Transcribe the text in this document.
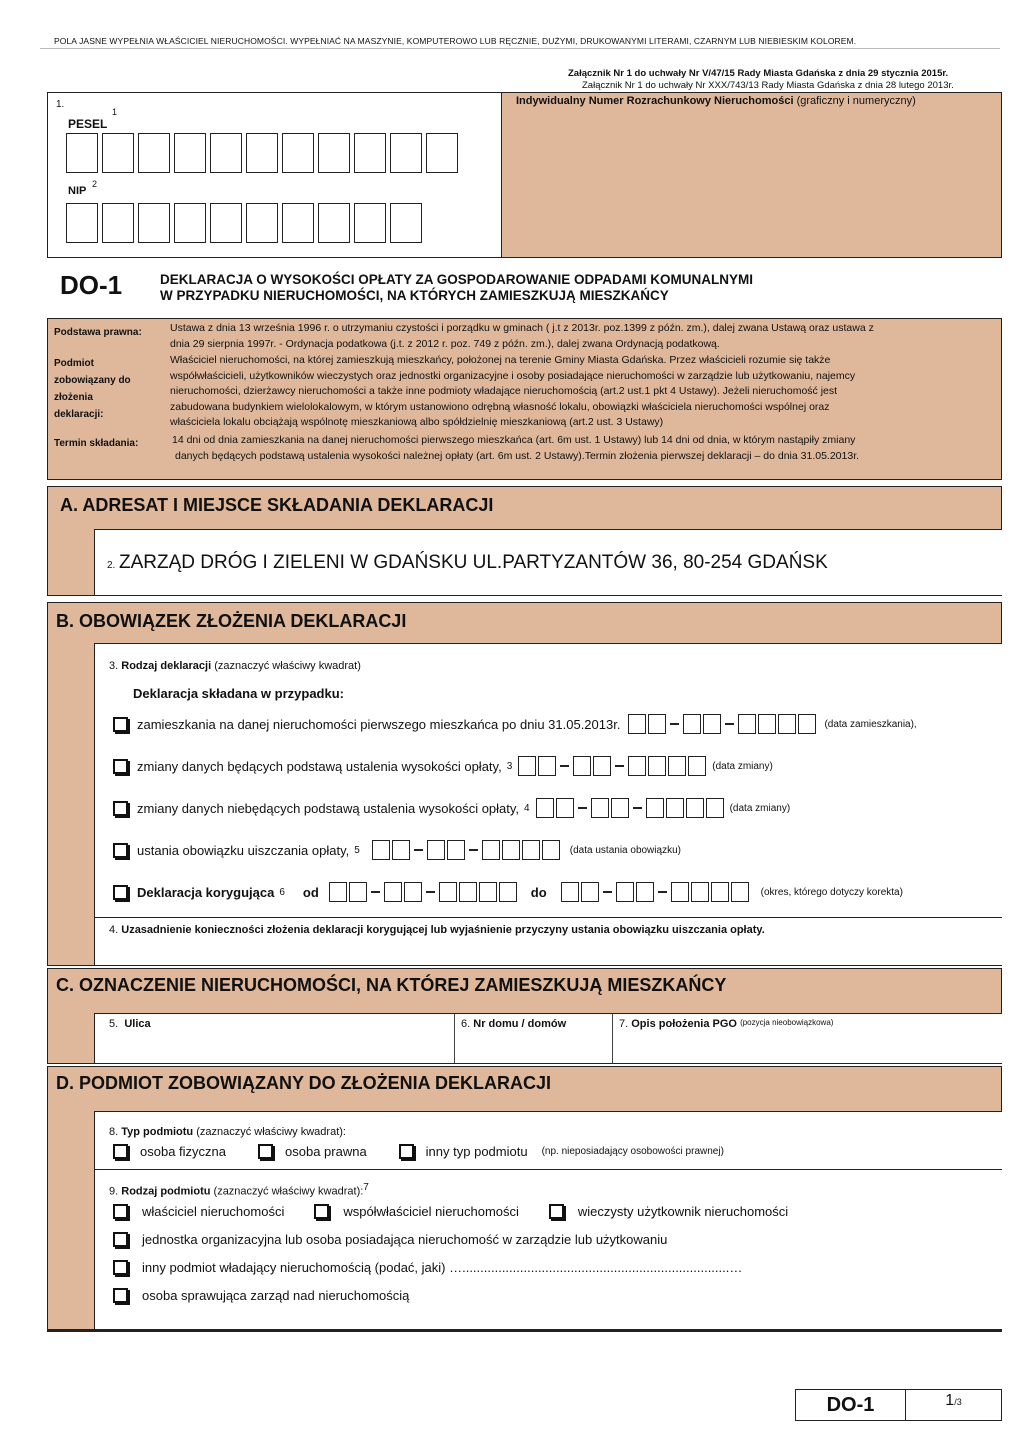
POLA JASNE WYPEŁNIA WŁAŚCICIEL NIERUCHOMOŚCI. WYPEŁNIAĆ NA MASZYNIE, KOMPUTEROWO LUB RĘCZNIE, DUŻYMI, DRUKOWANYMI LITERAMI, CZARNYM LUB NIEBIESKIM KOLOREM.
Załącznik Nr 1 do uchwały Nr V/47/15 Rady Miasta Gdańska z dnia 29 stycznia 2015r.
Załącznik Nr 1 do uchwały Nr XXX/743/13 Rady Miasta Gdańska z dnia 28 lutego 2013r.
1.
PESEL
1
NIP
2
Indywidualny Numer Rozrachunkowy Nieruchomości (graficzny i numeryczny)
DO-1	DEKLARACJA O WYSOKOŚCI OPŁATY ZA GOSPODAROWANIE ODPADAMI KOMUNALNYMI
W PRZYPADKU NIERUCHOMOŚCI, NA KTÓRYCH ZAMIESZKUJĄ MIESZKAŃCY
Podstawa prawna:	Ustawa z dnia 13 września 1996 r. o utrzymaniu czystości i porządku w gminach ( j.t z 2013r. poz.1399 z późn. zm.), dalej zwana Ustawą oraz ustawa z
dnia 29 sierpnia 1997r. - Ordynacja podatkowa (j.t. z 2012 r. poz. 749 z późn. zm.), dalej zwana Ordynacją podatkową.
Podmiot
zobowiązany do
złożenia
deklaracji:
Właściciel nieruchomości, na której zamieszkują mieszkańcy, położonej na terenie Gminy Miasta Gdańska. Przez właścicieli rozumie się także
współwłaścicieli, użytkowników wieczystych oraz jednostki organizacyjne i osoby posiadające nieruchomości w zarządzie lub użytkowaniu, najemcy
nieruchomości, dzierżawcy nieruchomości a także inne podmioty władające nieruchomością (art.2 ust.1 pkt 4 Ustawy). Jeżeli nieruchomość jest
zabudowana budynkiem wielolokalowym, w którym ustanowiono odrębną własność lokalu, obowiązki właściciela nieruchomości wspólnej oraz
właściciela lokalu obciążają wspólnotę mieszkaniową albo spółdzielnię mieszkaniową (art.2 ust. 3 Ustawy)
Termin składania:	14 dni od dnia zamieszkania na danej nieruchomości pierwszego mieszkańca (art. 6m ust. 1 Ustawy) lub 14 dni od dnia, w którym nastąpiły zmiany
danych będących podstawą ustalenia wysokości należnej opłaty (art. 6m ust. 2 Ustawy).Termin złożenia pierwszej deklaracji – do dnia 31.05.2013r.
A. ADRESAT I MIEJSCE SKŁADANIA DEKLARACJI
2. ZARZĄD DRÓG I ZIELENI W GDAŃSKU UL.PARTYZANTÓW 36, 80-254 GDAŃSK
B. OBOWIĄZEK ZŁOŻENIA DEKLARACJI
3. Rodzaj deklaracji (zaznaczyć właściwy kwadrat)
Deklaracja składana w przypadku:
zamieszkania na danej nieruchomości pierwszego mieszkańca po dniu 31.05.2013r.	(data zamieszkania),
zmiany danych będących podstawą ustalenia wysokości opłaty, 3	(data zmiany)
zmiany danych niebędących podstawą ustalenia wysokości opłaty, 4	(data zmiany)
ustania obowiązku uiszczania opłaty, 5	(data ustania obowiązku)
Deklaracja korygująca 6 od	do	(okres, którego dotyczy korekta)
4. Uzasadnienie konieczności złożenia deklaracji korygującej lub wyjaśnienie przyczyny ustania obowiązku uiszczania opłaty.
C. OZNACZENIE NIERUCHOMOŚCI, NA KTÓREJ ZAMIESZKUJĄ MIESZKAŃCY
5. Ulica	6. Nr domu / domów	7. Opis położenia PGO $^{(pozycja nieobowiązkowa)}$
D. PODMIOT ZOBOWIĄZANY DO ZŁOŻENIA DEKLARACJI
8. Typ podmiotu (zaznaczyć właściwy kwadrat):
osoba fizyczna	osoba prawna	inny typ podmiotu (np. nieposiadający osobowości prawnej)
9. Rodzaj podmiotu (zaznaczyć właściwy kwadrat):$^7$
właściciel nieruchomości	współwłaściciel nieruchomości	wieczysty użytkownik nieruchomości
jednostka organizacyjna lub osoba posiadająca nieruchomość w zarządzie lub użytkowaniu
inny podmiot władający nieruchomością (podać, jaki) …..........................................................................…
osoba sprawująca zarząd nad nieruchomością
DO-1	1/3
